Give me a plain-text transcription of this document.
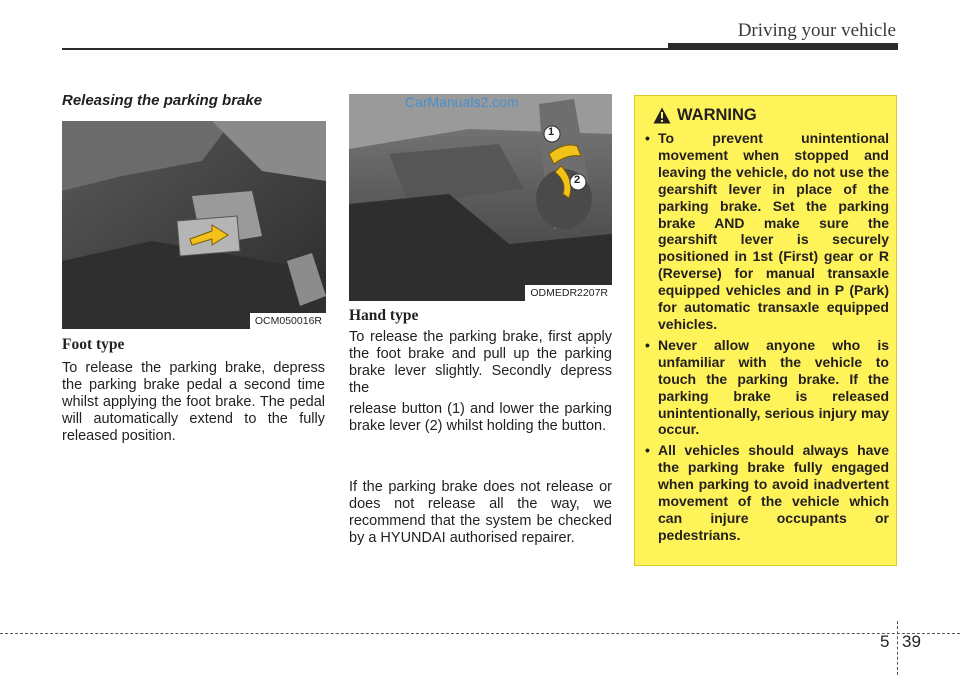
Driving your vehicle
Releasing the parking brake
OCM050016R
Foot type
To release the parking brake, depress the parking brake pedal a second time whilst applying the foot brake. The pedal will automatically extend to the fully released position.
CarManuals2.com
1
2
ODMEDR2207R
Hand type
To release the parking brake, first apply the foot brake and pull up the parking brake lever slightly. Secondly depress the
release button (1) and lower the parking brake lever (2) whilst holding the button.
If the parking brake does not release or does not release all the way, we recommend that the system be checked by a HYUNDAI authorised repairer.
WARNING
• To prevent unintentional movement when stopped and leaving the vehicle, do not use the gearshift lever in place of the parking brake. Set the parking brake AND make sure the gearshift lever is securely positioned in 1st (First) gear or R (Reverse) for manual transaxle equipped vehicles and in P (Park) for automatic transaxle equipped vehicles.
• Never allow anyone who is unfamiliar with the vehicle to touch the parking brake. If the parking brake is released unintentionally, serious injury may occur.
• All vehicles should always have the parking brake fully engaged when parking to avoid inadvertent movement of the vehicle which can injure occupants or pedestrians.
5 39
